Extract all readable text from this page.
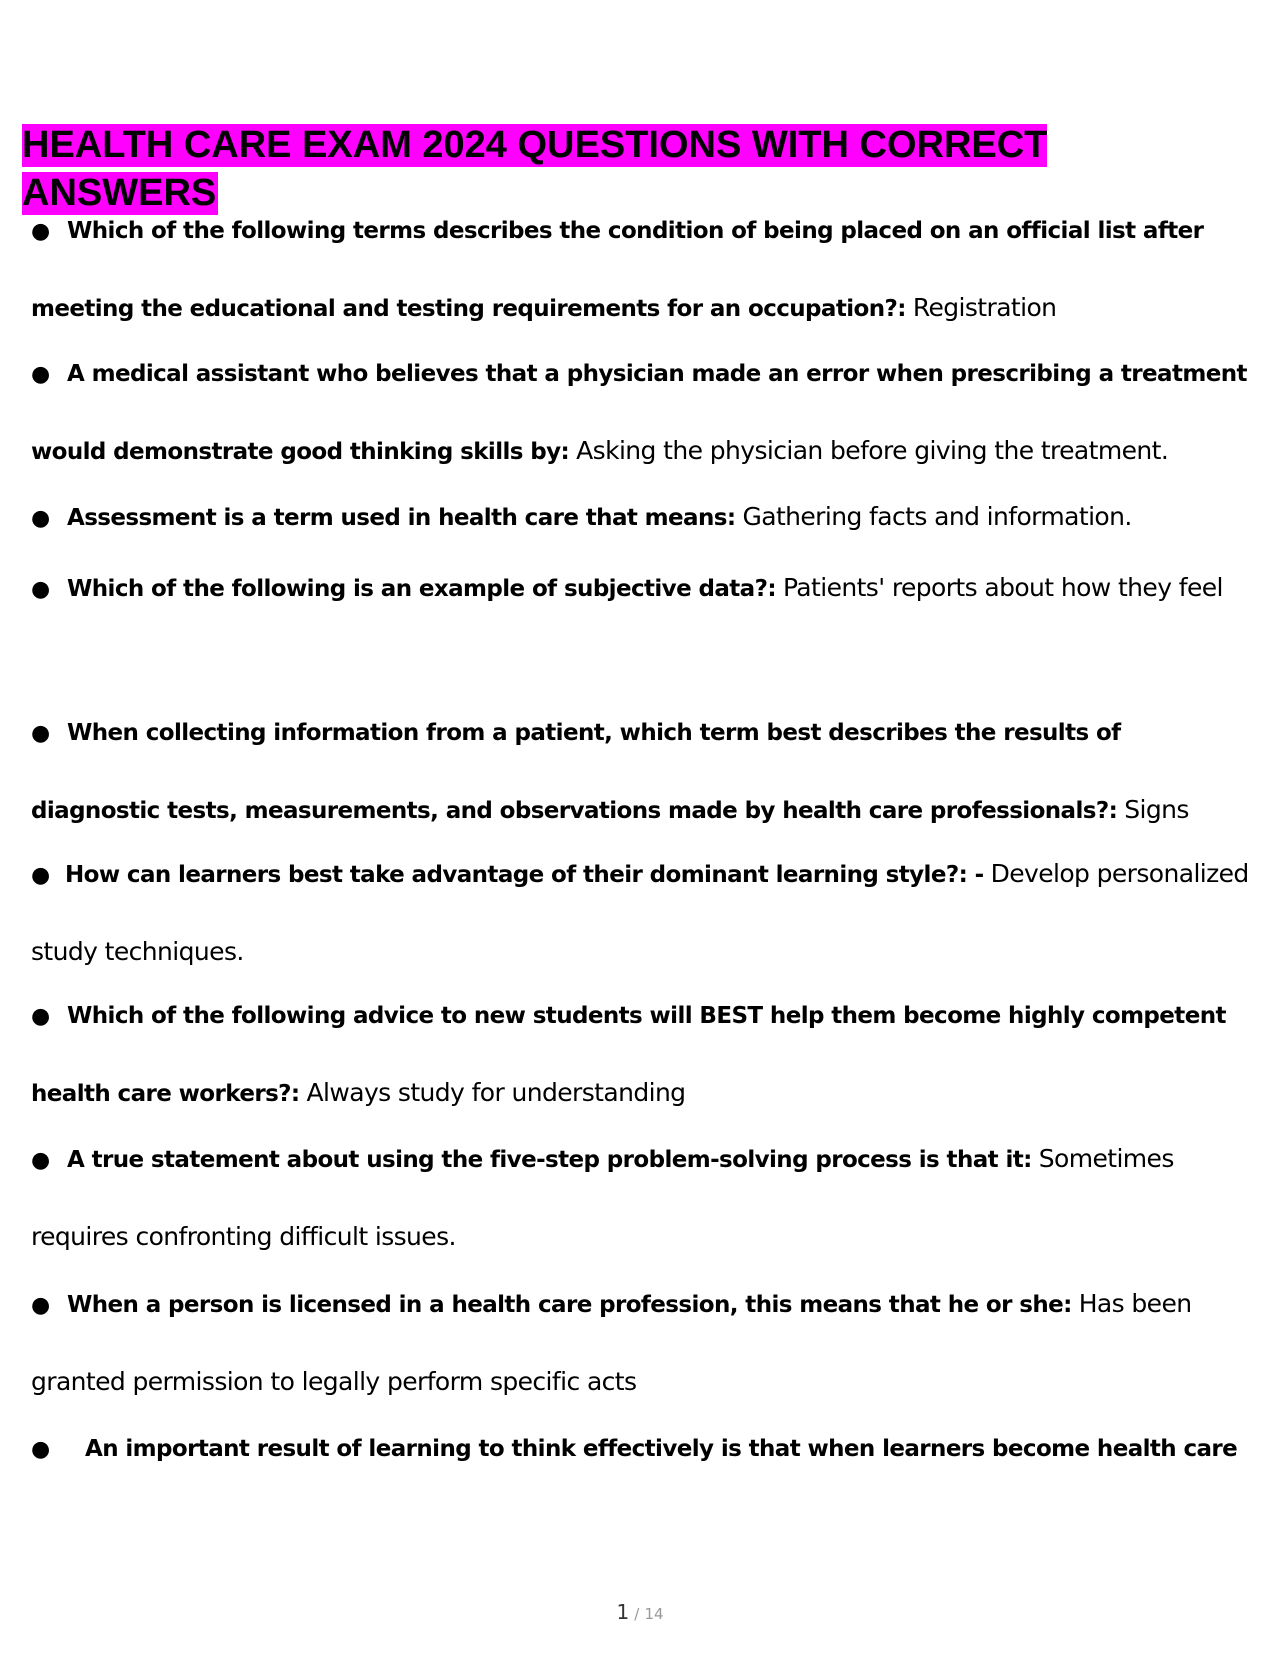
HEALTH CARE EXAM 2024 QUESTIONS WITH CORRECT ANSWERS
● Which of the following terms describes the condition of being placed on an official list after meeting the educational and testing requirements for an occupation?: Registration
● A medical assistant who believes that a physician made an error when prescribing a treatment would demonstrate good thinking skills by: Asking the physician before giving the treatment.
● Assessment is a term used in health care that means: Gathering facts and information.
● Which of the following is an example of subjective data?: Patients' reports about how they feel
● When collecting information from a patient, which term best describes the results of diagnostic tests, measurements, and observations made by health care professionals?: Signs
● How can learners best take advantage of their dominant learning style?: - Develop personalized study techniques.
● Which of the following advice to new students will BEST help them become highly competent health care workers?: Always study for understanding
● A true statement about using the five-step problem-solving process is that it: Sometimes requires confronting difficult issues.
● When a person is licensed in a health care profession, this means that he or she: Has been granted permission to legally perform specific acts
● An important result of learning to think effectively is that when learners become health care
1 / 14
